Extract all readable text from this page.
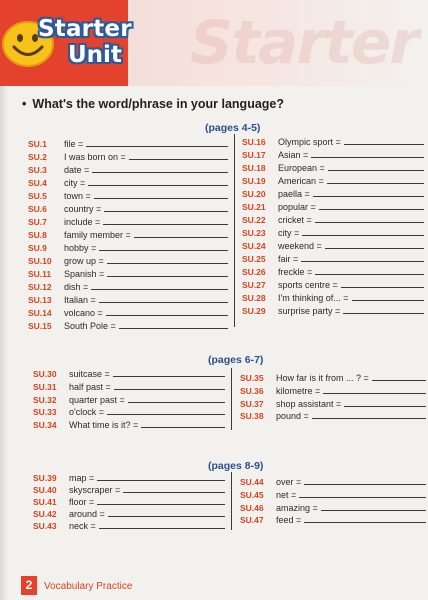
Starter
Starter
Unit
• What's the word/phrase in your language?
(pages 4-5)
SU.1	file =
SU.2	I was born on =
SU.3	date =
SU.4	city =
SU.5	town =
SU.6	country =
SU.7	include =
SU.8	family member =
SU.9	hobby =
SU.10	grow up =
SU.11	Spanish =
SU.12	dish =
SU.13	Italian =
SU.14	volcano =
SU.15	South Pole =
SU.16	Olympic sport =
SU.17	Asian =
SU.18	European =
SU.19	American =
SU.20	paella =
SU.21	popular =
SU.22	cricket =
SU.23	city =
SU.24	weekend =
SU.25	fair =
SU.26	freckle =
SU.27	sports centre =
SU.28	I'm thinking of... =
SU.29	surprise party =
(pages 6-7)
SU.30	suitcase =
SU.31	half past =
SU.32	quarter past =
SU.33	o'clock =
SU.34	What time is it? =
SU.35	How far is it from ... ? =
SU.36	kilometre =
SU.37	shop assistant =
SU.38	pound =
(pages 8-9)
SU.39	map =
SU.40	skyscraper =
SU.41	floor =
SU.42	around =
SU.43	neck =
SU.44	over =
SU.45	net =
SU.46	amazing =
SU.47	feed =
2	Vocabulary Practice
